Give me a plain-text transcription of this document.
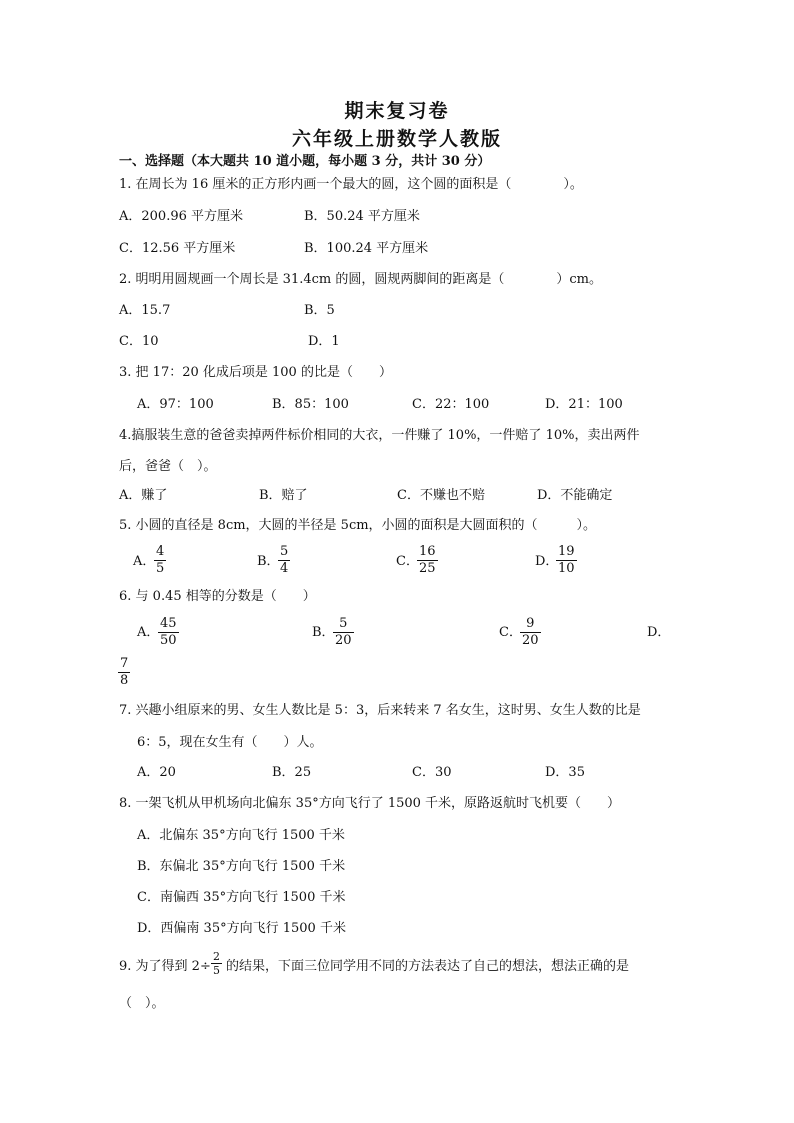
期末复习卷
六年级上册数学人教版
一、选择题（本大题共 10 道小题，每小题 3 分，共计 30 分）
1. 在周长为 16 厘米的正方形内画一个最大的圆，这个圆的面积是（　　　　）。
A．200.96 平方厘米	B．50.24 平方厘米
C．12.56 平方厘米	B．100.24 平方厘米
2. 明明用圆规画一个周长是 31.4cm 的圆，圆规两脚间的距离是（　　　　）cm。
A．15.7	B．5
C．10	D．1
3. 把 17：20 化成后项是 100 的比是（　　）
A．97：100	B．85：100	C．22：100	D．21：100
4.搞服装生意的爸爸卖掉两件标价相同的大衣，一件赚了 10%，一件赔了 10%，卖出两件
后，爸爸（　）。
A．赚了	B．赔了	C．不赚也不赔	D．不能确定
5. 小圆的直径是 8cm，大圆的半径是 5cm，小圆的面积是大圆面积的（　　　）。
A．
$\frac{4}{5}$	B．
$\frac{5}{4}$	C．
$\frac{16}{25}$	D．
$\frac{19}{10}$
6. 与 0.45 相等的分数是（　　）
A．
$\frac{45}{50}$	B．
$\frac{5}{20}$	C．
$\frac{9}{20}$	D．
$\frac{7}{8}$
7. 兴趣小组原来的男、女生人数比是 5：3，后来转来 7 名女生，这时男、女生人数的比是
6：5，现在女生有（　　）人。
A．20	B．25	C．30	D．35
8. 一架飞机从甲机场向北偏东 35°方向飞行了 1500 千米，原路返航时飞机要（　　）
A．北偏东 35°方向飞行 1500 千米
B．东偏北 35°方向飞行 1500 千米
C．南偏西 35°方向飞行 1500 千米
D．西偏南 35°方向飞行 1500 千米
9. 为了得到 $2\div \frac{2}{5}$ 的结果，下面三位同学用不同的方法表达了自己的想法，想法正确的是
（　）。
